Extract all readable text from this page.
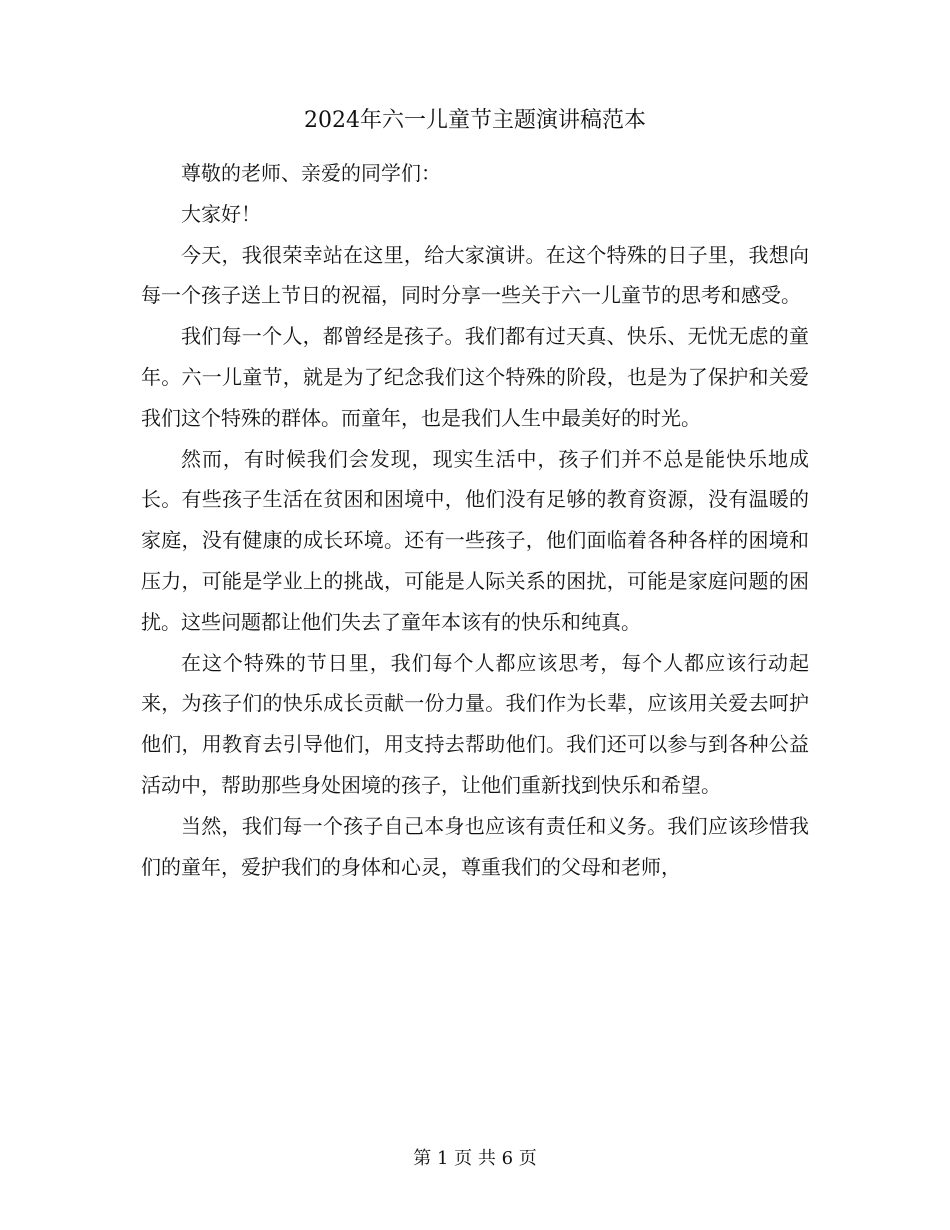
2024年六一儿童节主题演讲稿范本

尊敬的老师、亲爱的同学们：

大家好！

今天，我很荣幸站在这里，给大家演讲。在这个特殊的日子里，我想向每一个孩子送上节日的祝福，同时分享一些关于六一儿童节的思考和感受。

我们每一个人，都曾经是孩子。我们都有过天真、快乐、无忧无虑的童年。六一儿童节，就是为了纪念我们这个特殊的阶段，也是为了保护和关爱我们这个特殊的群体。而童年，也是我们人生中最美好的时光。

然而，有时候我们会发现，现实生活中，孩子们并不总是能快乐地成长。有些孩子生活在贫困和困境中，他们没有足够的教育资源，没有温暖的家庭，没有健康的成长环境。还有一些孩子，他们面临着各种各样的困境和压力，可能是学业上的挑战，可能是人际关系的困扰，可能是家庭问题的困扰。这些问题都让他们失去了童年本该有的快乐和纯真。

在这个特殊的节日里，我们每个人都应该思考，每个人都应该行动起来，为孩子们的快乐成长贡献一份力量。我们作为长辈，应该用关爱去呵护他们，用教育去引导他们，用支持去帮助他们。我们还可以参与到各种公益活动中，帮助那些身处困境的孩子，让他们重新找到快乐和希望。

当然，我们每一个孩子自己本身也应该有责任和义务。我们应该珍惜我们的童年，爱护我们的身体和心灵，尊重我们的父母和老师，

第 1 页 共 6 页
